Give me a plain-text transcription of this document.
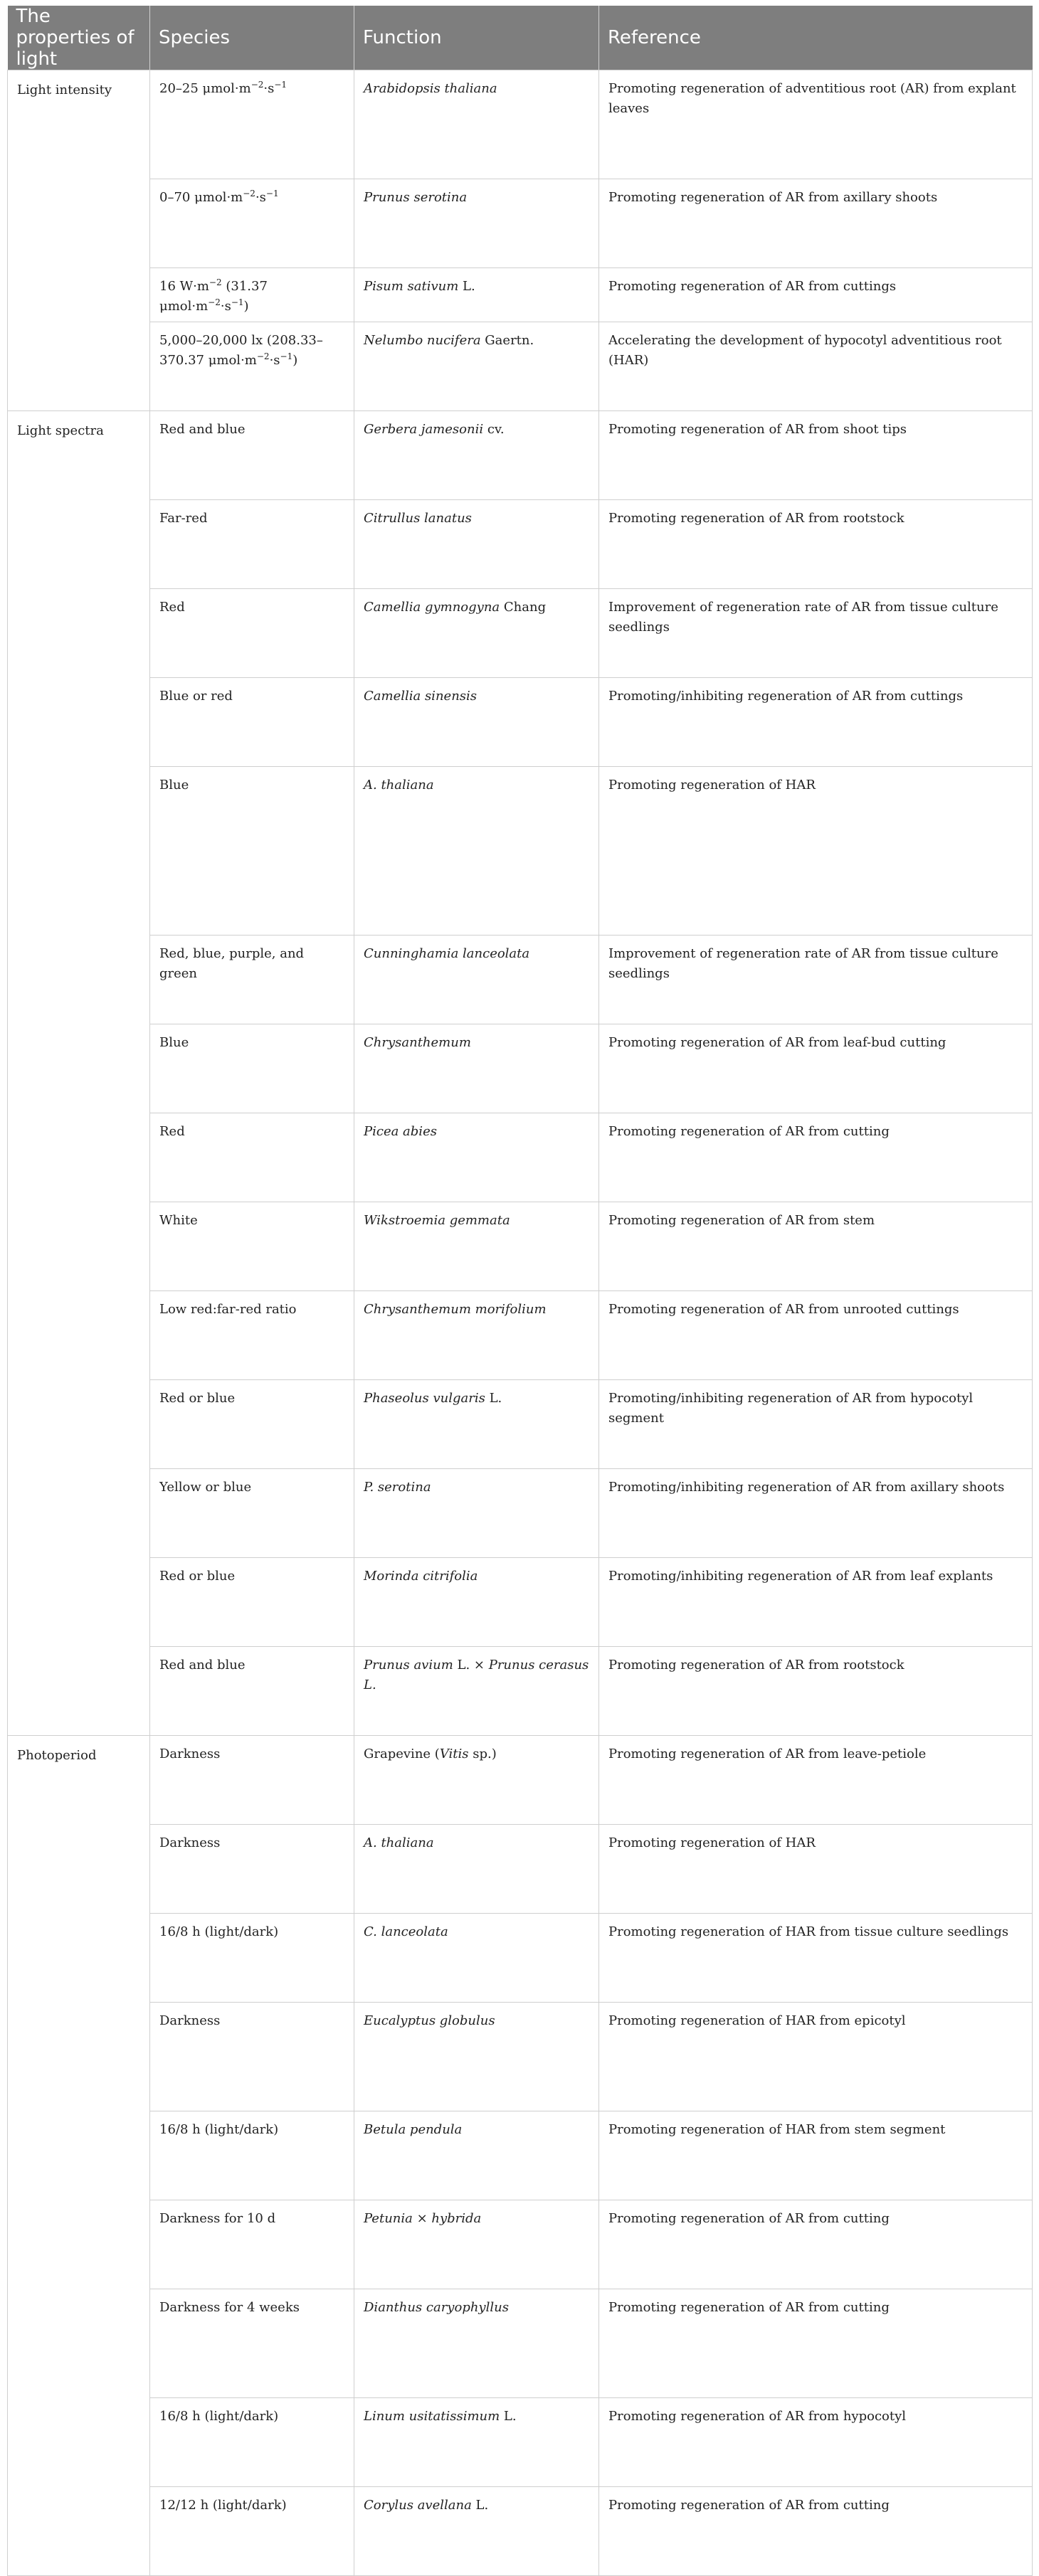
The properties of light	Species	Function	Reference	
Light intensity	20–25 $\mu mol\cdot m^{-2}\cdot s^{-1}$	Arabidopsis thaliana	Promoting regeneration of adventitious root (AR) from explant leaves	
	0–70 $\mu mol\cdot m^{-2}\cdot s^{-1}$	Prunus serotina	Promoting regeneration of AR from axillary shoots	
	16 $W\cdot m^{-2}$ (31.37 $\mu mol\cdot m^{-2}\cdot s^{-1}$)	Pisum sativum L.	Promoting regeneration of AR from cuttings	
	5,000–20,000 lx (208.33–370.37 $\mu mol\cdot m^{-2}\cdot s^{-1}$)	Nelumbo nucifera Gaertn.	Accelerating the development of hypocotyl adventitious root (HAR)	
Light spectra	Red and blue	Gerbera jamesonii cv.	Promoting regeneration of AR from shoot tips	
	Far-red	Citrullus lanatus	Promoting regeneration of AR from rootstock	
	Red	Camellia gymnogyna Chang	Improvement of regeneration rate of AR from tissue culture seedlings	
	Blue or red	Camellia sinensis	Promoting/inhibiting regeneration of AR from cuttings	
	Blue	A. thaliana	Promoting regeneration of HAR	
	Red, blue, purple, and green	Cunninghamia lanceolata	Improvement of regeneration rate of AR from tissue culture seedlings	
	Blue	Chrysanthemum	Promoting regeneration of AR from leaf-bud cutting	
	Red	Picea abies	Promoting regeneration of AR from cutting	
	White	Wikstroemia gemmata	Promoting regeneration of AR from stem	
	Low red:far-red ratio	Chrysanthemum morifolium	Promoting regeneration of AR from unrooted cuttings	
	Red or blue	Phaseolus vulgaris L.	Promoting/inhibiting regeneration of AR from hypocotyl segment	
	Yellow or blue	P. serotina	Promoting/inhibiting regeneration of AR from axillary shoots	
	Red or blue	Morinda citrifolia	Promoting/inhibiting regeneration of AR from leaf explants	
	Red and blue	Prunus avium L. × Prunus cerasus L.	Promoting regeneration of AR from rootstock	
Photoperiod	Darkness	Grapevine (Vitis sp.)	Promoting regeneration of AR from leave-petiole	
	Darkness	A. thaliana	Promoting regeneration of HAR	
	16/8 h (light/dark)	C. lanceolata	Promoting regeneration of HAR from tissue culture seedlings	
	Darkness	Eucalyptus globulus	Promoting regeneration of HAR from epicotyl	
	16/8 h (light/dark)	Betula pendula	Promoting regeneration of HAR from stem segment	
	Darkness for 10 d	Petunia × hybrida	Promoting regeneration of AR from cutting	
	Darkness for 4 weeks	Dianthus caryophyllus	Promoting regeneration of AR from cutting	
	16/8 h (light/dark)	Linum usitatissimum L.	Promoting regeneration of AR from hypocotyl	
	12/12 h (light/dark)	Corylus avellana L.	Promoting regeneration of AR from cutting	
